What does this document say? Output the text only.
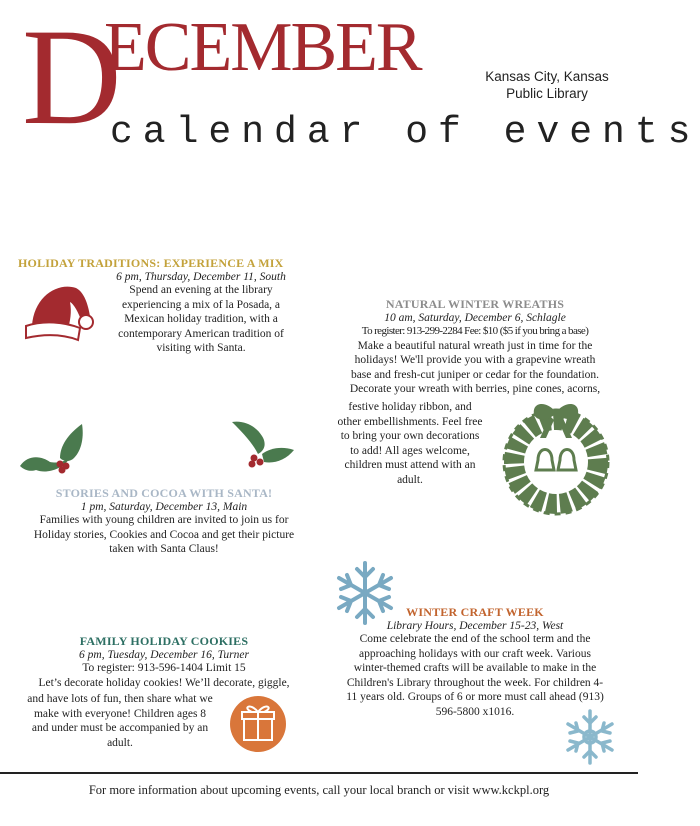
D
ECEMBER	Kansas City, Kansas
Public Library
calendar of events
HOLIDAY TRADITIONS: EXPERIENCE A MIX
6 pm, Thursday, December 11, South
Spend an evening at the library
experiencing a mix of la Posada, a
Mexican holiday tradition, with a
contemporary American tradition of
visiting with Santa.
NATURAL WINTER WREATHS
10 am, Saturday, December 6, Schlagle
To register: 913-299-2284 Fee: $10 ($5 if you bring a base)
Make a beautiful natural wreath just in time for the
holidays! We'll provide you with a grapevine wreath
base and fresh-cut juniper or cedar for the foundation.
Decorate your wreath with berries, pine cones, acorns,
festive holiday ribbon, and
other embellishments. Feel free
to bring your own decorations
to add! All ages welcome,
children must attend with an
adult.
STORIES AND COCOA WITH SANTA!
1 pm, Saturday, December 13, Main
Families with young children are invited to join us for
Holiday stories, Cookies and Cocoa and get their picture
taken with Santa Claus!
WINTER CRAFT WEEK
Library Hours, December 15-23, West
Come celebrate the end of the school term and the
approaching holidays with our craft week. Various
winter-themed crafts will be available to make in the
Children's Library throughout the week. For children 4-
11 years old. Groups of 6 or more must call ahead (913)
596-5800 x1016.
FAMILY HOLIDAY COOKIES
6 pm, Tuesday, December 16, Turner
To register: 913-596-1404 Limit 15
Let’s decorate holiday cookies! We’ll decorate, giggle,
and have lots of fun, then share what we
make with everyone! Children ages 8
and under must be accompanied by an
adult.
For more information about upcoming events, call your local branch or visit www.kckpl.org
